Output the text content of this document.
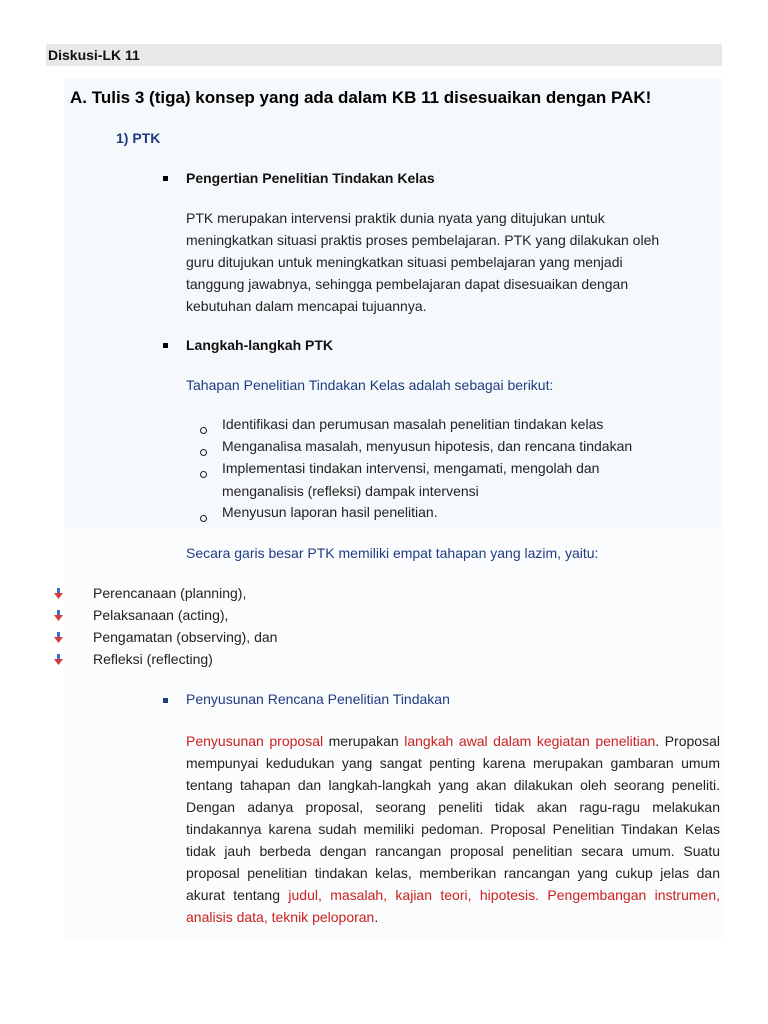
Diskusi-LK 11
A. Tulis 3 (tiga) konsep yang ada dalam KB 11 disesuaikan dengan PAK!
1) PTK
Pengertian Penelitian Tindakan Kelas
PTK merupakan intervensi praktik dunia nyata yang ditujukan untuk
meningkatkan situasi praktis proses pembelajaran. PTK yang dilakukan oleh
guru ditujukan untuk meningkatkan situasi pembelajaran yang menjadi
tanggung jawabnya, sehingga pembelajaran dapat disesuaikan dengan
kebutuhan dalam mencapai tujuannya.
Langkah-langkah PTK
Tahapan Penelitian Tindakan Kelas adalah sebagai berikut:
Identifikasi dan perumusan masalah penelitian tindakan kelas
Menganalisa masalah, menyusun hipotesis, dan rencana tindakan
Implementasi tindakan intervensi, mengamati, mengolah dan
menganalisis (refleksi) dampak intervensi
Menyusun laporan hasil penelitian.
Secara garis besar PTK memiliki empat tahapan yang lazim, yaitu:
Perencanaan (planning),
Pelaksanaan (acting),
Pengamatan (observing), dan
Refleksi (reflecting)
Penyusunan Rencana Penelitian Tindakan
Penyusunan proposal merupakan langkah awal dalam kegiatan penelitian. Proposal mempunyai kedudukan yang sangat penting karena merupakan gambaran umum tentang tahapan dan langkah-langkah yang akan dilakukan oleh seorang peneliti. Dengan adanya proposal, seorang peneliti tidak akan ragu-ragu melakukan tindakannya karena sudah memiliki pedoman. Proposal Penelitian Tindakan Kelas tidak jauh berbeda dengan rancangan proposal penelitian secara umum. Suatu proposal penelitian tindakan kelas, memberikan rancangan yang cukup jelas dan akurat tentang judul, masalah, kajian teori, hipotesis. Pengembangan instrumen, analisis data, teknik peloporan.
